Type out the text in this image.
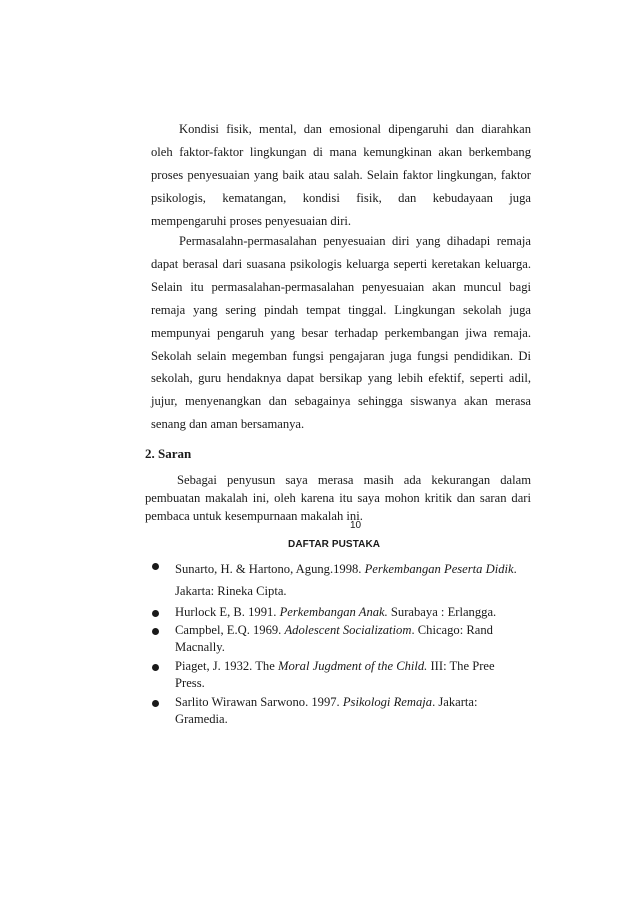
Kondisi fisik, mental, dan emosional dipengaruhi dan diarahkan
oleh faktor-faktor lingkungan di mana kemungkinan akan berkembang
proses penyesuaian yang baik atau salah. Selain faktor lingkungan, faktor
psikologis, kematangan, kondisi fisik, dan kebudayaan juga
mempengaruhi proses penyesuaian diri.
Permasalahn-permasalahan penyesuaian diri yang dihadapi remaja
dapat berasal dari suasana psikologis keluarga seperti keretakan keluarga.
Selain itu permasalahan-permasalahan penyesuaian akan muncul bagi
remaja yang sering pindah tempat tinggal. Lingkungan sekolah juga
mempunyai pengaruh yang besar terhadap perkembangan jiwa remaja.
Sekolah selain megemban fungsi pengajaran juga fungsi pendidikan. Di
sekolah, guru hendaknya dapat bersikap yang lebih efektif, seperti adil,
jujur, menyenangkan dan sebagainya sehingga siswanya akan merasa
senang dan aman bersamanya.
2. Saran
Sebagai penyusun saya merasa masih ada kekurangan dalam
pembuatan makalah ini, oleh karena itu saya mohon kritik dan saran dari
pembaca untuk kesempurnaan makalah ini.
10
DAFTAR PUSTAKA
Sunarto, H. & Hartono, Agung.1998. Perkembangan Peserta Didik.
Jakarta: Rineka Cipta.
Hurlock E, B. 1991. Perkembangan Anak. Surabaya : Erlangga.
Campbel, E.Q. 1969. Adolescent Socializatiom. Chicago: Rand
Macnally.
Piaget, J. 1932. The Moral Jugdment of the Child. III: The Pree
Press.
Sarlito Wirawan Sarwono. 1997. Psikologi Remaja. Jakarta:
Gramedia.
